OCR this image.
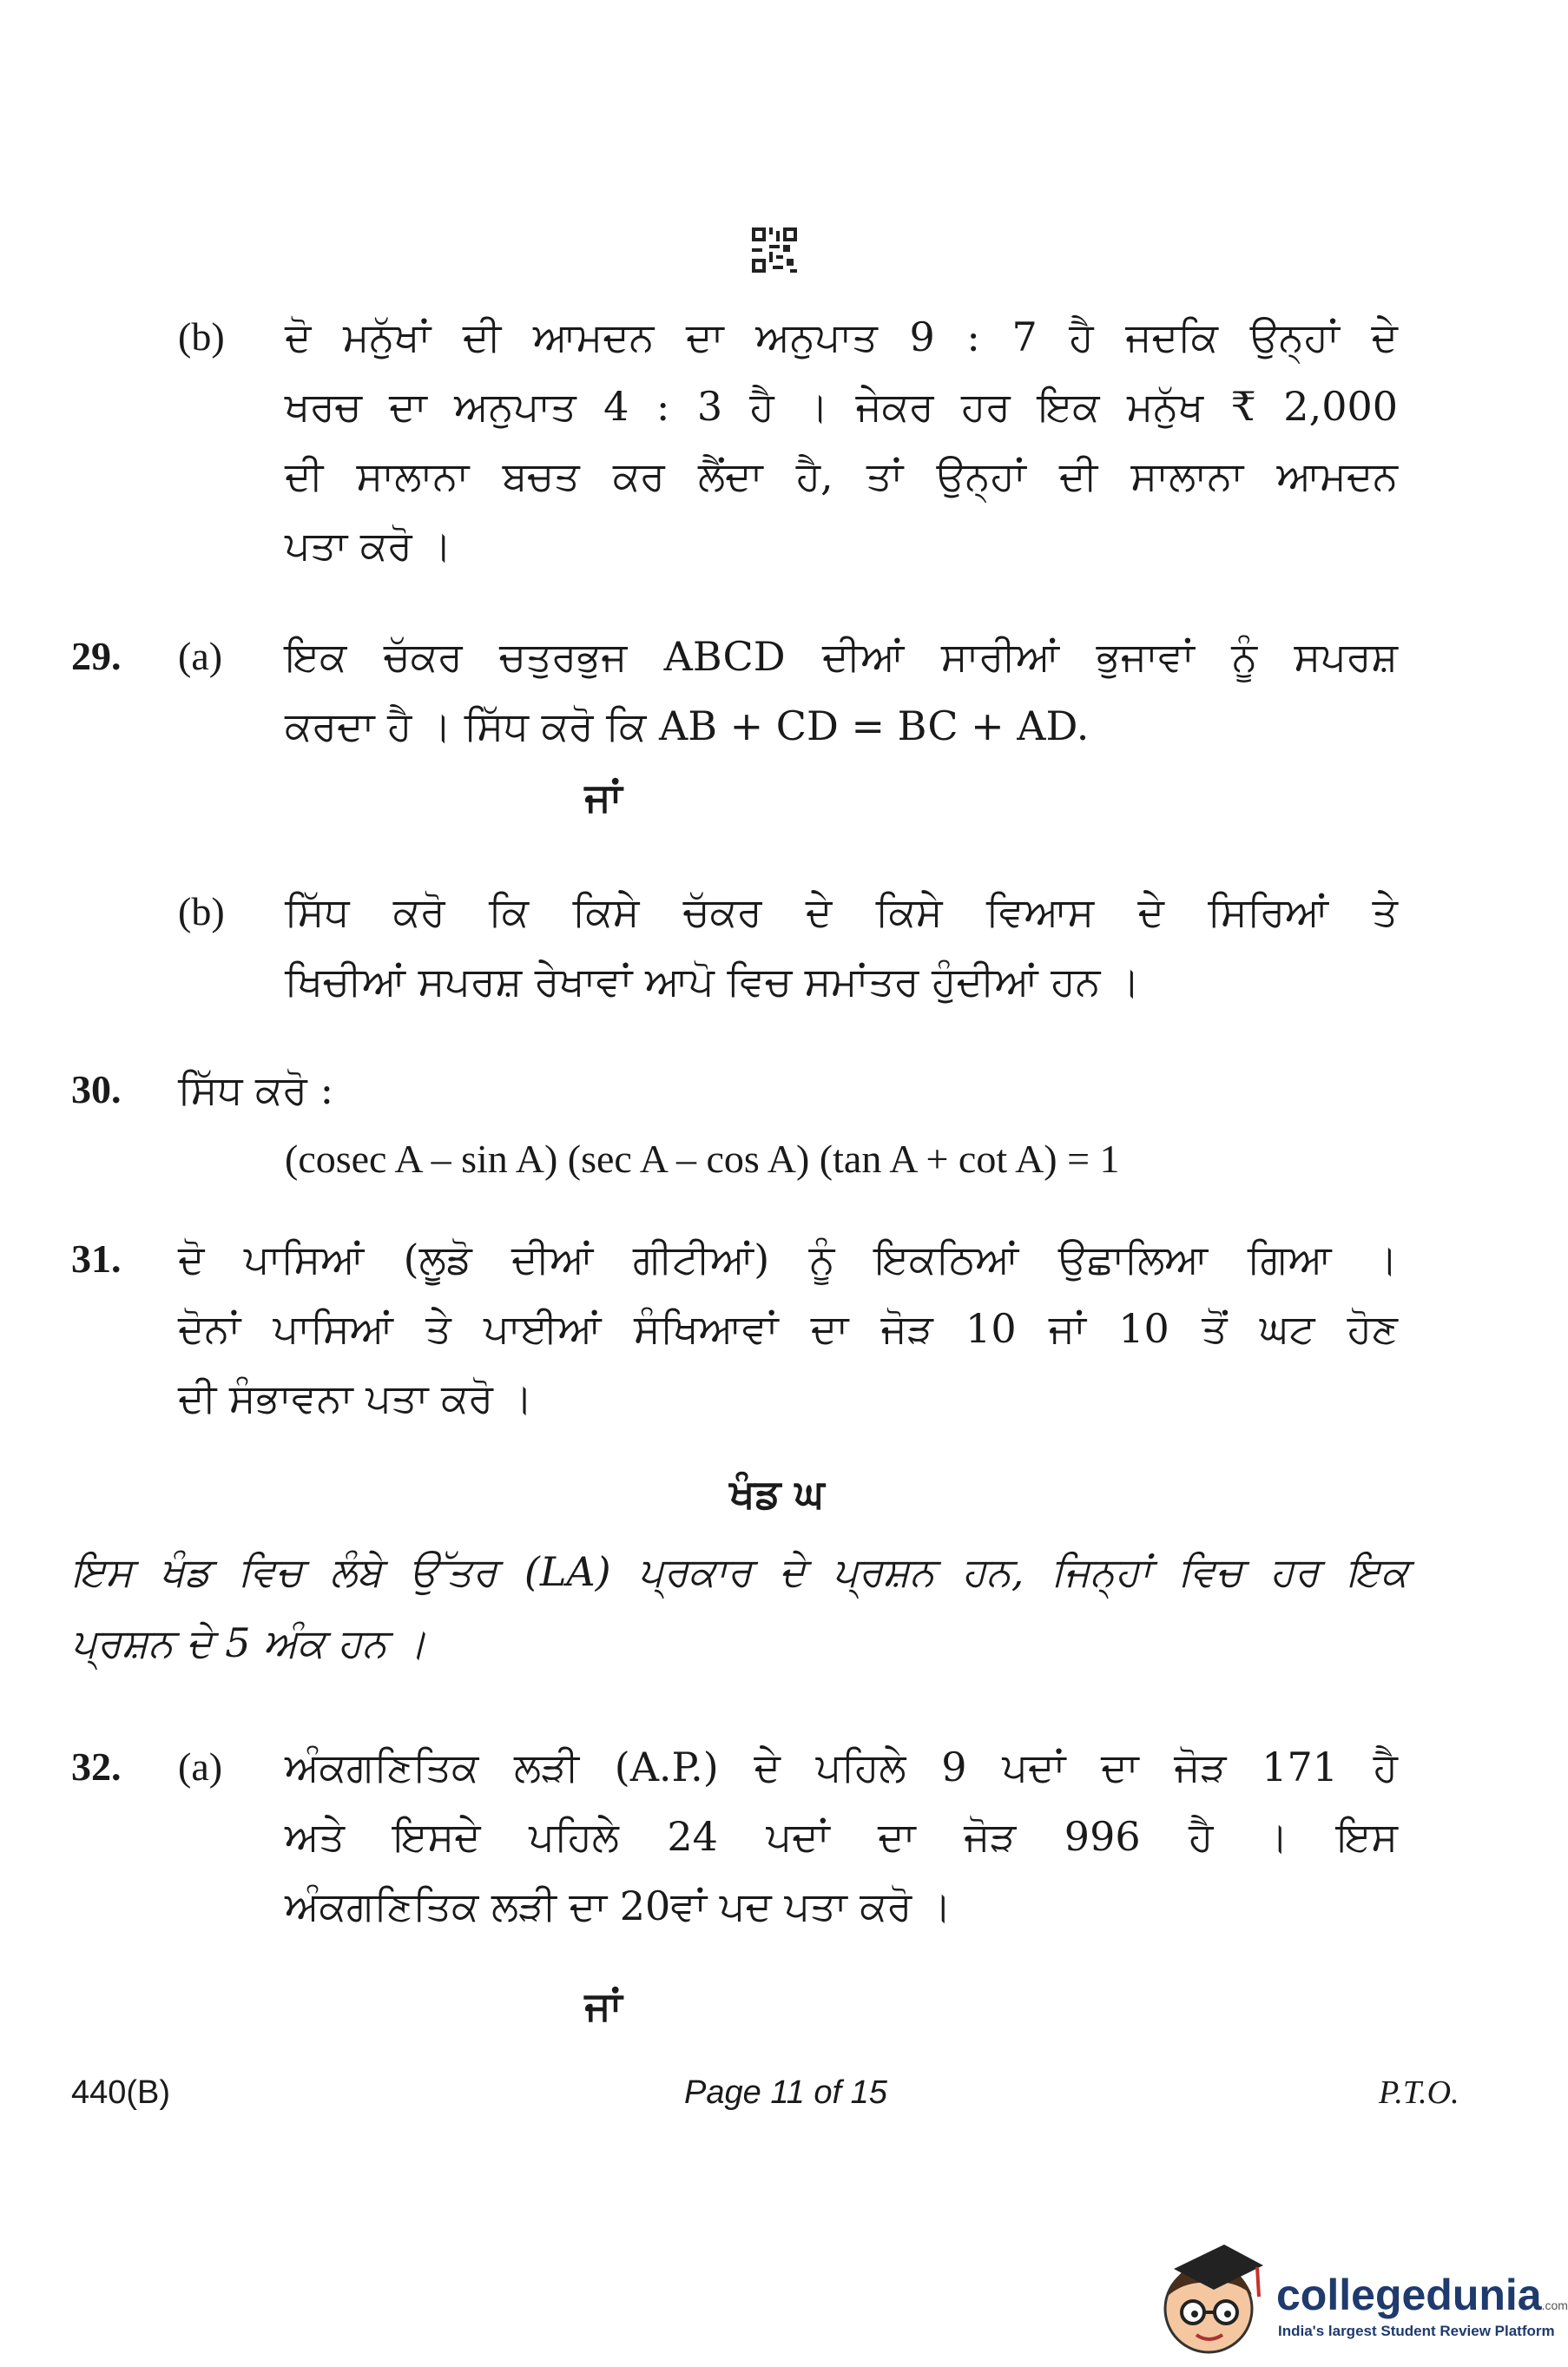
(b) ਦੋ ਮਨੁੱਖਾਂ ਦੀ ਆਮਦਨ ਦਾ ਅਨੁਪਾਤ 9 : 7 ਹੈ ਜਦਕਿ ਉਨ੍ਹਾਂ ਦੇ
ਖਰਚ ਦਾ ਅਨੁਪਾਤ 4 : 3 ਹੈ । ਜੇਕਰ ਹਰ ਇਕ ਮਨੁੱਖ ₹ 2,000
ਦੀ ਸਾਲਾਨਾ ਬਚਤ ਕਰ ਲੈਂਦਾ ਹੈ, ਤਾਂ ਉਨ੍ਹਾਂ ਦੀ ਸਾਲਾਨਾ ਆਮਦਨ
ਪਤਾ ਕਰੋ ।
29. (a) ਇਕ ਚੱਕਰ ਚਤੁਰਭੁਜ ABCD ਦੀਆਂ ਸਾਰੀਆਂ ਭੁਜਾਵਾਂ ਨੂੰ ਸਪਰਸ਼
ਕਰਦਾ ਹੈ । ਸਿੱਧ ਕਰੋ ਕਿ AB + CD = BC + AD.
ਜਾਂ
(b) ਸਿੱਧ ਕਰੋ ਕਿ ਕਿਸੇ ਚੱਕਰ ਦੇ ਕਿਸੇ ਵਿਆਸ ਦੇ ਸਿਰਿਆਂ ਤੇ
ਖਿਚੀਆਂ ਸਪਰਸ਼ ਰੇਖਾਵਾਂ ਆਪੋ ਵਿਚ ਸਮਾਂਤਰ ਹੁੰਦੀਆਂ ਹਨ ।
30. ਸਿੱਧ ਕਰੋ :
(cosec A – sin A) (sec A – cos A) (tan A + cot A) = 1
31. ਦੋ ਪਾਸਿਆਂ (ਲੂਡੋ ਦੀਆਂ ਗੀਟੀਆਂ) ਨੂੰ ਇਕਠਿਆਂ ਉਛਾਲਿਆ ਗਿਆ ।
ਦੋਨਾਂ ਪਾਸਿਆਂ ਤੇ ਪਾਈਆਂ ਸੰਖਿਆਵਾਂ ਦਾ ਜੋੜ 10 ਜਾਂ 10 ਤੋਂ ਘਟ ਹੋਣ
ਦੀ ਸੰਭਾਵਨਾ ਪਤਾ ਕਰੋ ।
ਖੰਡ ਘ
ਇਸ ਖੰਡ ਵਿਚ ਲੰਬੇ ਉੱਤਰ (LA) ਪ੍ਰਕਾਰ ਦੇ ਪ੍ਰਸ਼ਨ ਹਨ, ਜਿਨ੍ਹਾਂ ਵਿਚ ਹਰ ਇਕ
ਪ੍ਰਸ਼ਨ ਦੇ 5 ਅੰਕ ਹਨ ।
32. (a) ਅੰਕਗਣਿਤਿਕ ਲੜੀ (A.P.) ਦੇ ਪਹਿਲੇ 9 ਪਦਾਂ ਦਾ ਜੋੜ 171 ਹੈ
ਅਤੇ ਇਸਦੇ ਪਹਿਲੇ 24 ਪਦਾਂ ਦਾ ਜੋੜ 996 ਹੈ । ਇਸ
ਅੰਕਗਣਿਤਿਕ ਲੜੀ ਦਾ 20ਵਾਂ ਪਦ ਪਤਾ ਕਰੋ ।
ਜਾਂ
440(B)	Page 11 of 15	P.T.O.
collegedunia.com
India's largest Student Review Platform
